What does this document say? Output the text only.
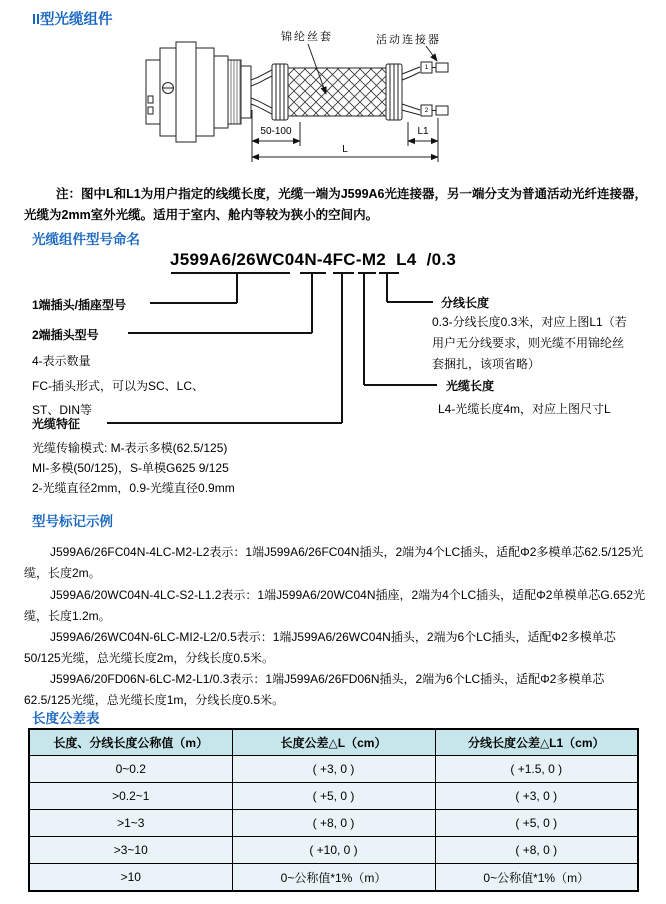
II型光缆组件
锦纶丝套	活动连接器
50-100	L1
L
1
2
注：图中L和L1为用户指定的线缆长度，光缆一端为J599A6光连接器，另一端分支为普通活动光纤连接器，
光缆为2mm室外光缆。适用于室内、舱内等较为狭小的空间内。
光缆组件型号命名
J599A6/26WC04N-4FC-M2  L4  /0.3
1端插头/插座型号
2端插头型号
4-表示数量
FC-插头形式，可以为SC、LC、
ST、DIN等
光缆特征
光缆传输模式: M-表示多模(62.5/125)
MI-多模(50/125)，S-单模G625 9/125
2-光缆直径2mm，0.9-光缆直径0.9mm
分线长度
0.3-分线长度0.3米，对应上图L1（若
用户无分线要求，则光缆不用锦纶丝
套捆扎，该项省略）
光缆长度
L4-光缆长度4m，对应上图尺寸L
型号标记示例

J599A6/26FC04N-4LC-M2-L2表示：1端J599A6/26FC04N插头，2端为4个LC插头，适配Φ2多模单芯62.5/125光缆，长度2m。

J599A6/20WC04N-4LC-S2-L1.2表示：1端J599A6/20WC04N插座，2端为4个LC插头，适配Φ2单模单芯G.652光缆，长度1.2m。

J599A6/26WC04N-6LC-MI2-L2/0.5表示：1端J599A6/26WC04N插头，2端为6个LC插头，适配Φ2多模单芯50/125光缆，总光缆长度2m，分线长度0.5米。

J599A6/20FD06N-6LC-M2-L1/0.3表示：1端J599A6/26FD06N插头，2端为6个LC插头，适配Φ2多模单芯62.5/125光缆，总光缆长度1m，分线长度0.5米。

长度公差表
长度、分线长度公称值（m）	长度公差△L（cm）	分线长度公差△L1（cm）
0~0.2	( +3, 0 )	( +1.5, 0 )
>0.2~1	( +5, 0 )	( +3, 0 )
>1~3	( +8, 0 )	( +5, 0 )
>3~10	( +10, 0 )	( +8, 0 )
>10	0~公称值*1%（m）	0~公称值*1%（m）
